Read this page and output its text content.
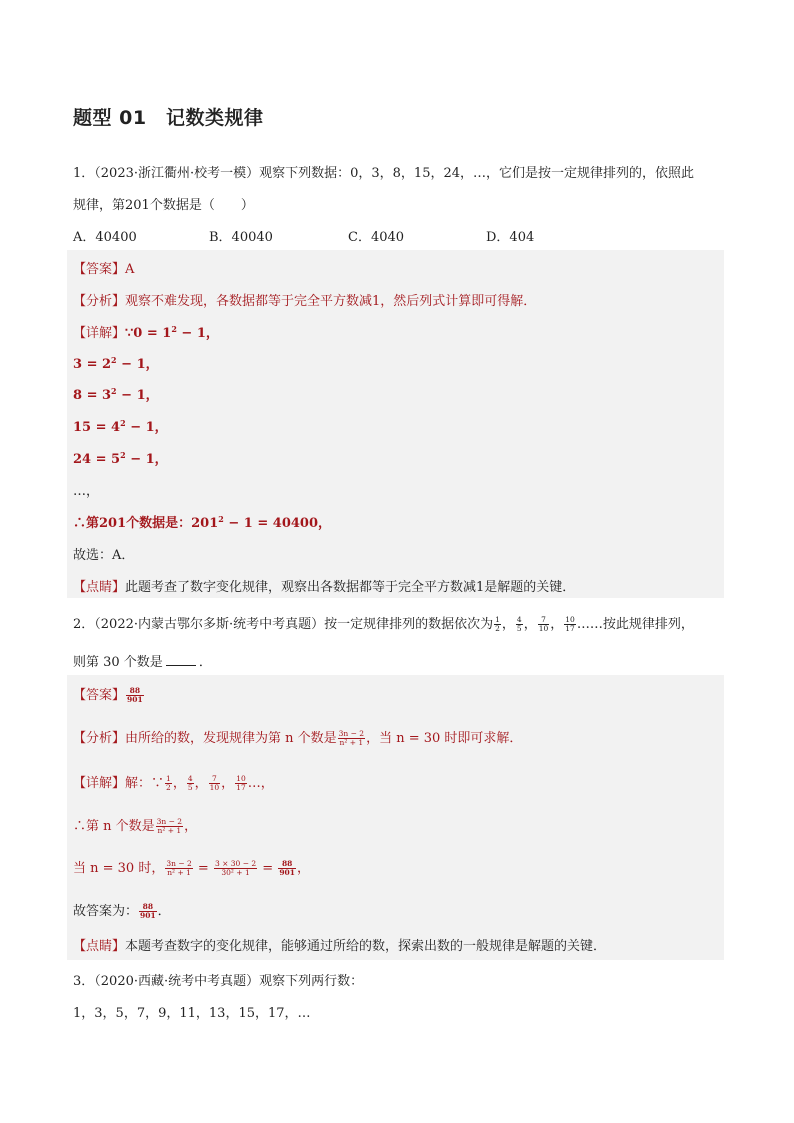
题型 01　记数类规律
1．（2023·浙江衢州·校考一模）观察下列数据：0，3，8，15，24，…，它们是按一定规律排列的，依照此
规律，第201个数据是（　　）
A．40400	B．40040	C．4040	D．404
【答案】A
【分析】观察不难发现，各数据都等于完全平方数减1，然后列式计算即可得解．
【详解】∵0 = $1^2 - 1$，
$3 = 2^2 - 1$，
$8 = 3^2 - 1$，
$15 = 4^2 - 1$，
$24 = 5^2 - 1$，
…，
∴第201个数据是：$201^2 - 1 = 40400$，
故选：A．
【点睛】此题考查了数字变化规律，观察出各数据都等于完全平方数减1是解题的关键．
2．（2022·内蒙古鄂尔多斯·统考中考真题）按一定规律排列的数据依次为 $\frac{1}{2}$ ， $\frac{4}{5}$ ， $\frac{7}{10}$ ， $\frac{10}{17}$ ……按此规律排列，
则第 30 个数是	．
【答案】 $\frac{88}{901}$
【分析】由所给的数，发现规律为第 n 个数是 $\frac{3n - 2}{\text{n² + 1}}$ ，当 n = 30 时即可求解．
【详解】解：∵ $\frac{1}{2}$ ， $\frac{4}{5}$ ， $\frac{7}{10}$ ， $\frac{10}{17}$ …，
∴第 n 个数是 $\frac{3n - 2}{\text{n² + 1}}$ ，
当 n = 30 时， $\frac{3n - 2}{\text{n² + 1}} = \frac{3 \times 30 - 2}{\text{30² + 1}} = \frac{88}{901}$ ，
故答案为： $\frac{88}{901}$ ．
【点睛】本题考查数字的变化规律，能够通过所给的数，探索出数的一般规律是解题的关键．
3．（2020·西藏·统考中考真题）观察下列两行数：
1，3，5，7，9，11，13，15，17，…
